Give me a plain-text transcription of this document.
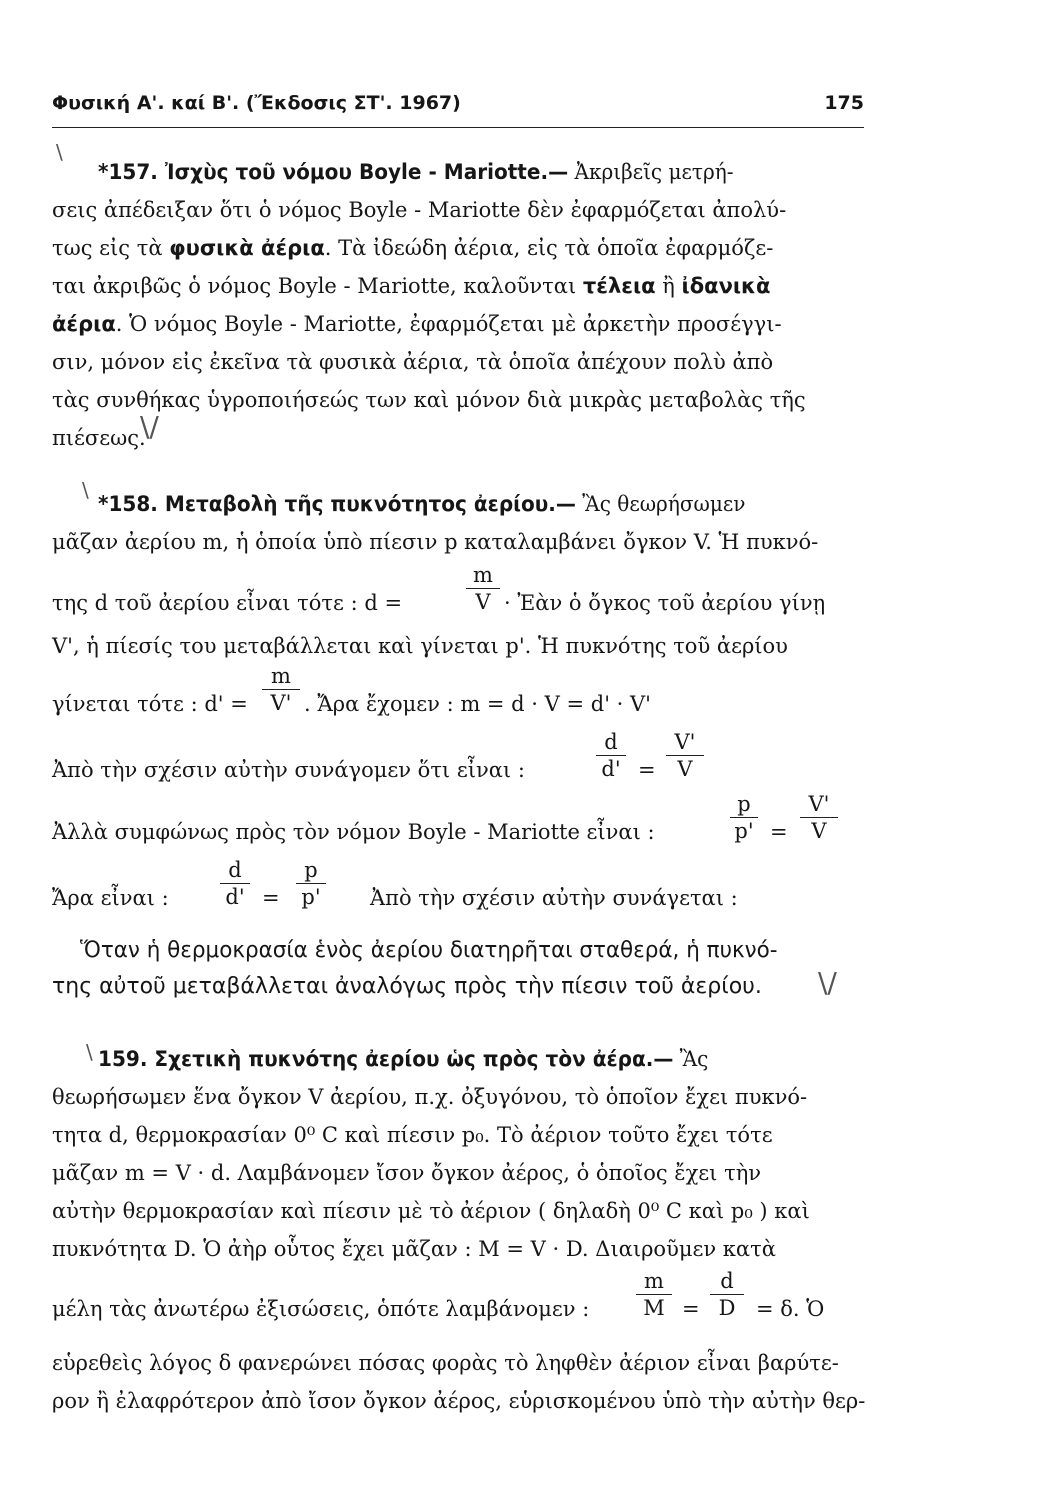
Φυσική Α'. καί Β'. (Ἔκδοσις ΣΤ'. 1967)	175
\
*157. Ἰσχὺς τοῦ νόμου Boyle - Mariotte.— Ἀκριβεῖς μετρή-
σεις ἀπέδειξαν ὅτι ὁ νόμος Boyle - Mariotte δὲν ἐφαρμόζεται ἀπολύ-
τως εἰς τὰ φυσικὰ ἀέρια. Τὰ ἰδεώδη ἀέρια, εἰς τὰ ὁποῖα ἐφαρμόζε-
ται ἀκριβῶς ὁ νόμος Boyle - Mariotte, καλοῦνται τέλεια ἢ ἰδανικὰ
ἀέρια. Ὁ νόμος Boyle - Mariotte, ἐφαρμόζεται μὲ ἀρκετὴν προσέγγι-
σιν, μόνον εἰς ἐκεῖνα τὰ φυσικὰ ἀέρια, τὰ ὁποῖα ἀπέχουν πολὺ ἀπὸ
τὰς συνθήκας ὑγροποιήσεώς των καὶ μόνον διὰ μικρὰς μεταβολὰς τῆς
πιέσεως.
\/
\
*158. Μεταβολὴ τῆς πυκνότητος ἀερίου.— Ἂς θεωρήσωμεν
μᾶζαν ἀερίου m, ἡ ὁποία ὑπὸ πίεσιν p καταλαμβάνει ὄγκον V. Ἡ πυκνό-
της d τοῦ ἀερίου εἶναι τότε : d =
m
V · Ἐὰν ὁ ὄγκος τοῦ ἀερίου γίνῃ
V', ἡ πίεσίς του μεταβάλλεται καὶ γίνεται p'. Ἡ πυκνότης τοῦ ἀερίου
γίνεται τότε : d' =
m
V' . Ἄρα ἔχομεν : m = d · V = d' · V'
Ἀπὸ τὴν σχέσιν αὐτὴν συνάγομεν ὅτι εἶναι :
d
d' =
V'
V
Ἀλλὰ συμφώνως πρὸς τὸν νόμον Boyle - Mariotte εἶναι :
p
p' =
V'
V
Ἄρα εἶναι :
d
d' =
p
p' Ἀπὸ τὴν σχέσιν αὐτὴν συνάγεται :
Ὅταν ἡ θερμοκρασία ἑνὸς ἀερίου διατηρῆται σταθερά, ἡ πυκνό-
της αὐτοῦ μεταβάλλεται ἀναλόγως πρὸς τὴν πίεσιν τοῦ ἀερίου.	\/
\ 159. Σχετικὴ πυκνότης ἀερίου ὡς πρὸς τὸν ἀέρα.— Ἂς
θεωρήσωμεν ἕνα ὄγκον V ἀερίου, π.χ. ὀξυγόνου, τὸ ὁποῖον ἔχει πυκνό-
τητα d, θερμοκρασίαν 0⁰ C καὶ πίεσιν p₀. Τὸ ἀέριον τοῦτο ἔχει τότε
μᾶζαν m = V · d. Λαμβάνομεν ἴσον ὄγκον ἀέρος, ὁ ὁποῖος ἔχει τὴν
αὐτὴν θερμοκρασίαν καὶ πίεσιν μὲ τὸ ἀέριον ( δηλαδὴ 0⁰ C καὶ p₀ ) καὶ
πυκνότητα D. Ὁ ἀὴρ οὗτος ἔχει μᾶζαν : M = V · D. Διαιροῦμεν κατὰ
μέλη τὰς ἀνωτέρω ἐξισώσεις, ὁπότε λαμβάνομεν :
m
M =
d
D = δ. Ὁ
εὑρεθεὶς λόγος δ φανερώνει πόσας φορὰς τὸ ληφθὲν ἀέριον εἶναι βαρύτε-
ρον ἢ ἐλαφρότερον ἀπὸ ἴσον ὄγκον ἀέρος, εὑρισκομένου ὑπὸ τὴν αὐτὴν θερ-
